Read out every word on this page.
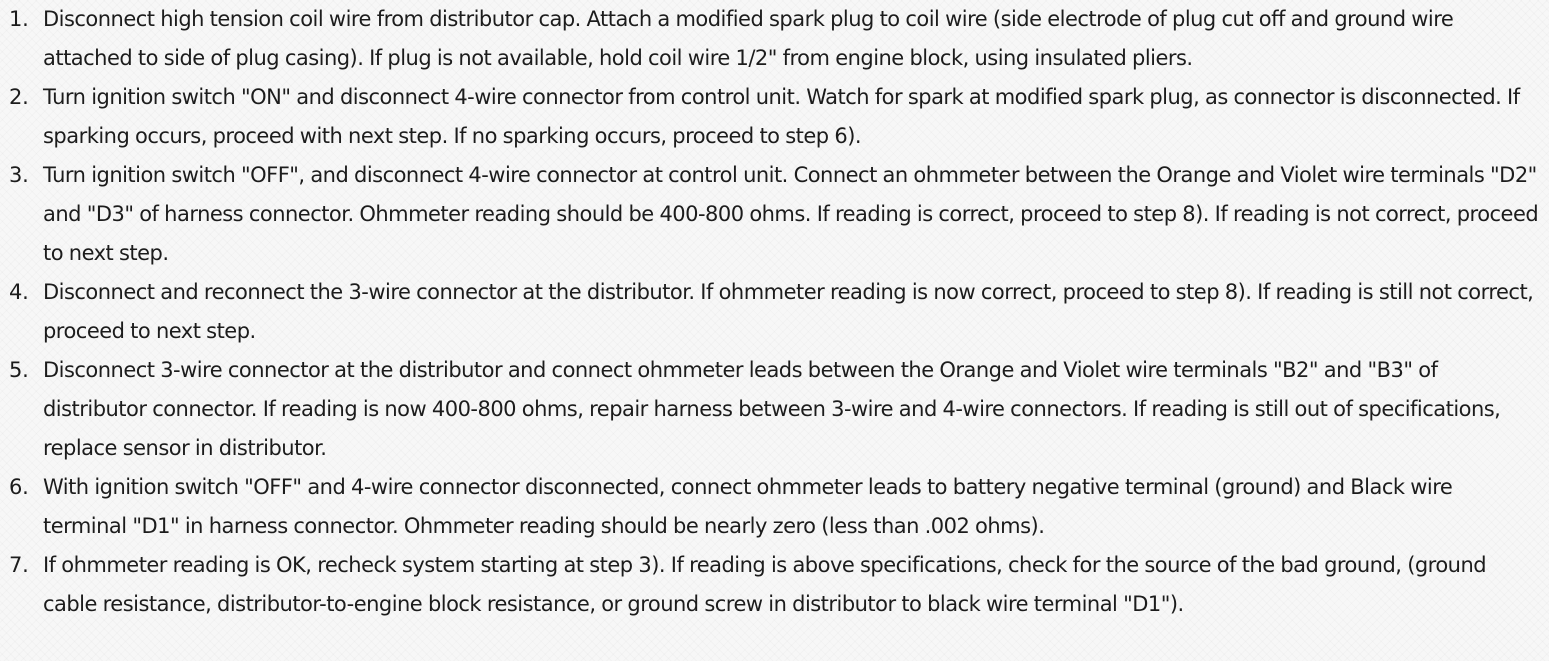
1. Disconnect high tension coil wire from distributor cap. Attach a modified spark plug to coil wire (side electrode of plug cut off and ground wire attached to side of plug casing). If plug is not available, hold coil wire 1/2" from engine block, using insulated pliers.
2. Turn ignition switch "ON" and disconnect 4-wire connector from control unit. Watch for spark at modified spark plug, as connector is disconnected. If sparking occurs, proceed with next step. If no sparking occurs, proceed to step 6).
3. Turn ignition switch "OFF", and disconnect 4-wire connector at control unit. Connect an ohmmeter between the Orange and Violet wire terminals "D2" and "D3" of harness connector. Ohmmeter reading should be 400-800 ohms. If reading is correct, proceed to step 8). If reading is not correct, proceed to next step.
4. Disconnect and reconnect the 3-wire connector at the distributor. If ohmmeter reading is now correct, proceed to step 8). If reading is still not correct, proceed to next step.
5. Disconnect 3-wire connector at the distributor and connect ohmmeter leads between the Orange and Violet wire terminals "B2" and "B3" of distributor connector. If reading is now 400-800 ohms, repair harness between 3-wire and 4-wire connectors. If reading is still out of specifications, replace sensor in distributor.
6. With ignition switch "OFF" and 4-wire connector disconnected, connect ohmmeter leads to battery negative terminal (ground) and Black wire terminal "D1" in harness connector. Ohmmeter reading should be nearly zero (less than .002 ohms).
7. If ohmmeter reading is OK, recheck system starting at step 3). If reading is above specifications, check for the source of the bad ground, (ground cable resistance, distributor-to-engine block resistance, or ground screw in distributor to black wire terminal "D1").
